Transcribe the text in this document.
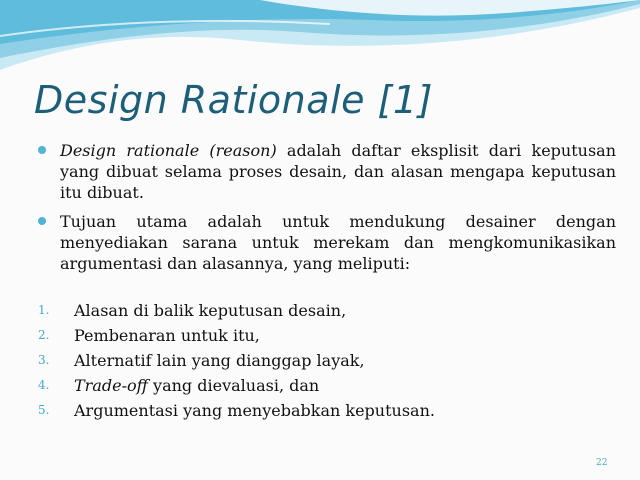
Design Rationale [1]
Design rationale (reason) adalah daftar eksplisit dari keputusan yang dibuat selama proses desain, dan alasan mengapa keputusan itu dibuat.
Tujuan utama adalah untuk mendukung desainer dengan menyediakan sarana untuk merekam dan mengkomunikasikan argumentasi dan alasannya, yang meliputi:
1. Alasan di balik keputusan desain,
2. Pembenaran untuk itu,
3. Alternatif lain yang dianggap layak,
4. Trade-off yang dievaluasi, dan
5. Argumentasi yang menyebabkan keputusan.
22
